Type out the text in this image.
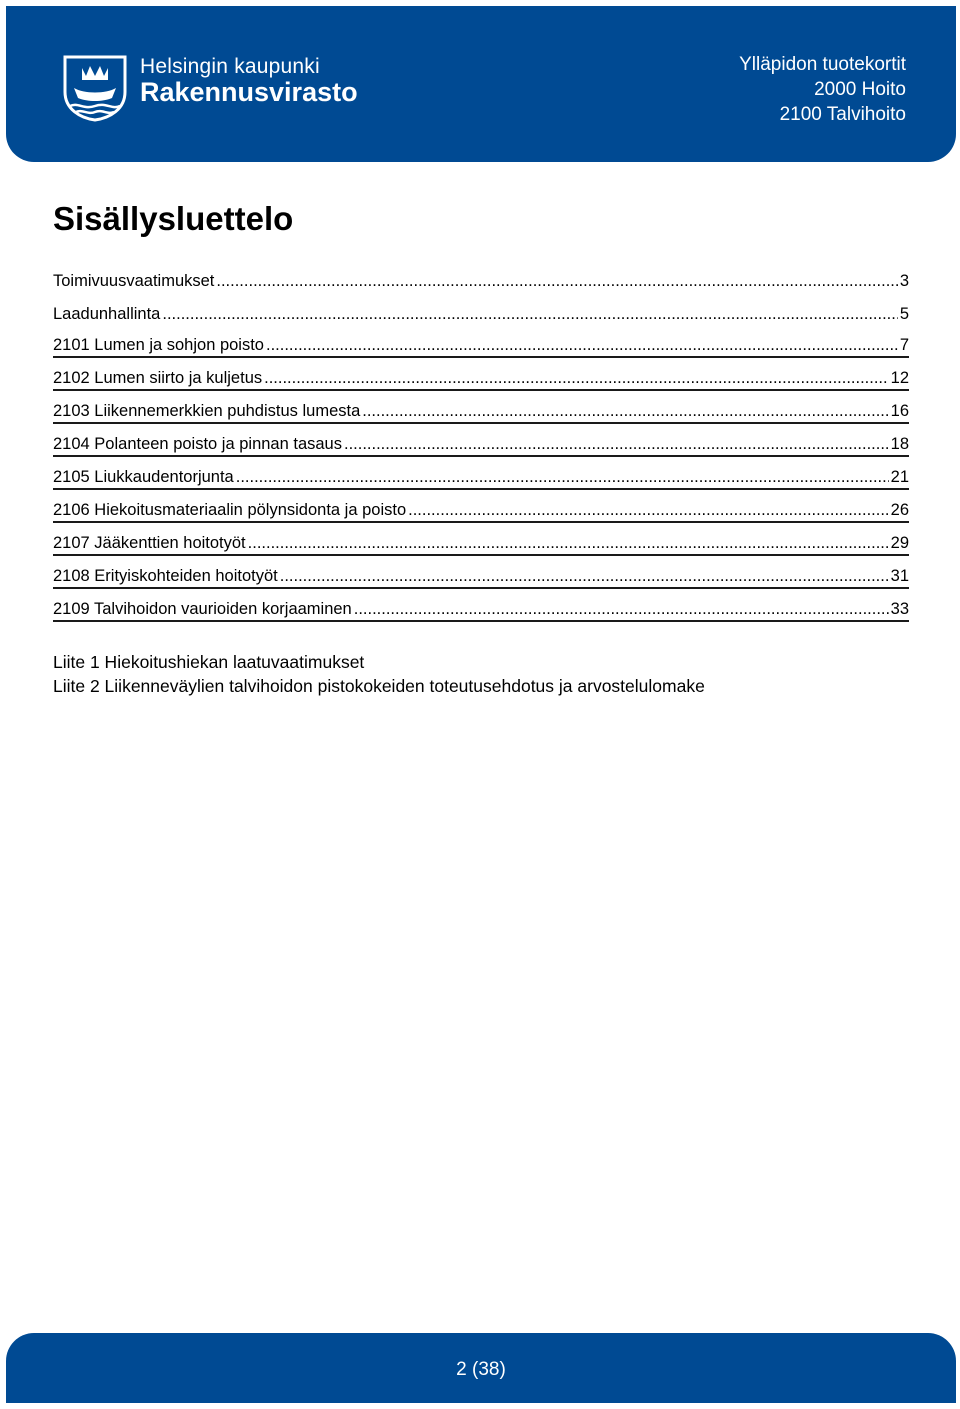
Helsingin kaupunki
Rakennusvirasto
Ylläpidon tuotekortit
2000 Hoito
2100 Talvihoito
Sisällysluettelo
Toimivuusvaatimukset .....	3
Laadunhallinta .....	5
2101 Lumen ja sohjon poisto .....	7
2102 Lumen siirto ja kuljetus .....	12
2103 Liikennemerkkien puhdistus lumesta .....	16
2104 Polanteen poisto ja pinnan tasaus .....	18
2105 Liukkaudentorjunta .....	21
2106 Hiekoitusmateriaalin pölynsidonta ja poisto .....	26
2107 Jääkenttien hoitotyöt .....	29
2108 Erityiskohteiden hoitotyöt .....	31
2109 Talvihoidon vaurioiden korjaaminen .....	33
Liite 1 Hiekoitushiekan laatuvaatimukset
Liite 2 Liikenneväylien talvihoidon pistokokeiden toteutusehdotus ja arvostelulomake
2 (38)
